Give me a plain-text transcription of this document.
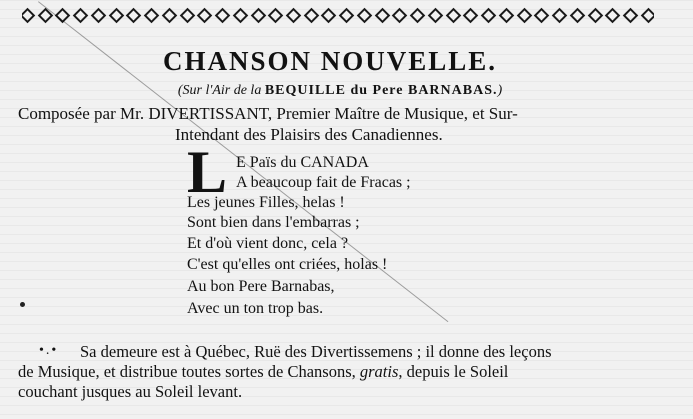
CHANSON NOUVELLE.
(Sur l'Air de la BEQUILLE du Pere BARNABAS.)
Composée par Mr. DIVERTISSANT, Premier Maître de Musique, et Sur-
Intendant des Plaisirs des Canadiennes.
L E Païs du CANADA
A beaucoup fait de Fracas ;
Les jeunes Filles, helas !
Sont bien dans l'embarras ;
Et d'où vient donc, cela ?
C'est qu'elles ont criées, holas !
Au bon Pere Barnabas,
Avec un ton trop bas.
•.•	Sa demeure est à Québec, Ruë des Divertissemens ; il donne des leçons
de Musique, et distribue toutes sortes de Chansons, gratis, depuis le Soleil
couchant jusques au Soleil levant.
